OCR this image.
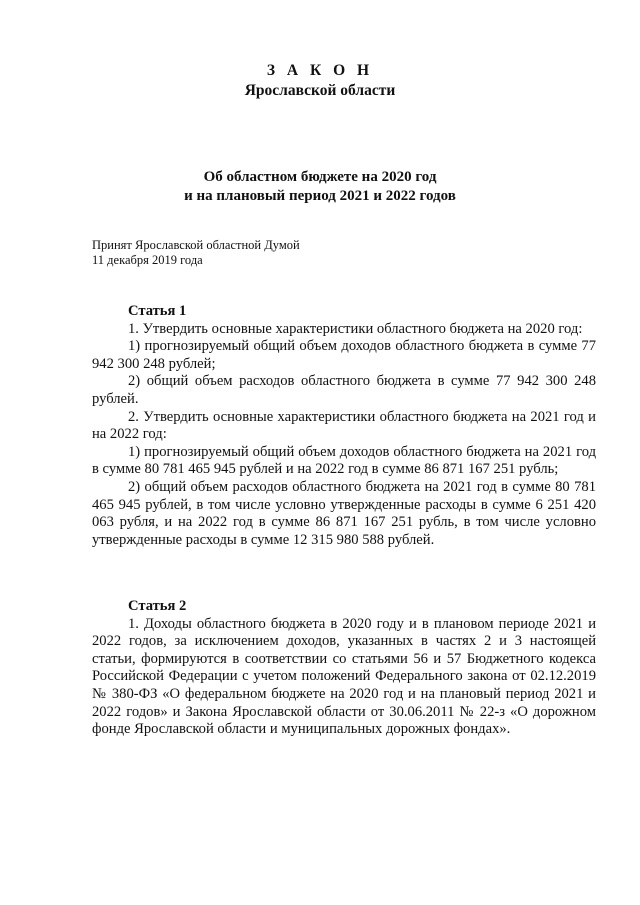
З А К О Н
Ярославской области
Об областном бюджете на 2020 год
и на плановый период 2021 и 2022 годов
Принят Ярославской областной Думой
11 декабря 2019 года
Статья 1

1. Утвердить основные характеристики областного бюджета на 2020 год:

1) прогнозируемый общий объем доходов областного бюджета в сумме 77 942 300 248 рублей;

2) общий объем расходов областного бюджета в сумме 77 942 300 248 рублей.

2. Утвердить основные характеристики областного бюджета на 2021 год и на 2022 год:

1) прогнозируемый общий объем доходов областного бюджета на 2021 год в сумме 80 781 465 945 рублей и на 2022 год в сумме 86 871 167 251 рубль;

2) общий объем расходов областного бюджета на 2021 год в сумме 80 781 465 945 рублей, в том числе условно утвержденные расходы в сумме 6 251 420 063 рубля, и на 2022 год в сумме 86 871 167 251 рубль, в том числе условно утвержденные расходы в сумме 12 315 980 588 рублей.

Статья 2

1. Доходы областного бюджета в 2020 году и в плановом периоде 2021 и 2022 годов, за исключением доходов, указанных в частях 2 и 3 настоящей статьи, формируются в соответствии со статьями 56 и 57 Бюджетного кодекса Российской Федерации с учетом положений Федерального закона от 02.12.2019 № 380-ФЗ «О федеральном бюджете на 2020 год и на плановый период 2021 и 2022 годов» и Закона Ярославской области от 30.06.2011 № 22-з «О дорожном фонде Ярославской области и муниципальных дорожных фондах».
